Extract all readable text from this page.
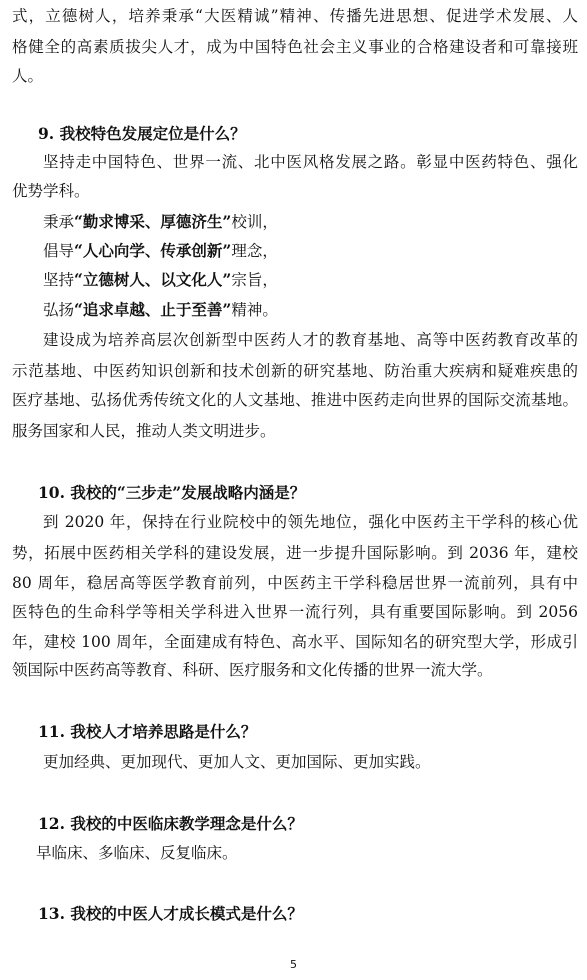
式，立德树人，培养秉承“大医精诚”精神、传播先进思想、促进学术发展、人
格健全的高素质拔尖人才，成为中国特色社会主义事业的合格建设者和可靠接班
人。
9. 我校特色发展定位是什么？
坚持走中国特色、世界一流、北中医风格发展之路。彰显中医药特色、强化
优势学科。
秉承“勤求博采、厚德济生”校训，
倡导“人心向学、传承创新”理念，
坚持“立德树人、以文化人”宗旨，
弘扬“追求卓越、止于至善”精神。
建设成为培养高层次创新型中医药人才的教育基地、高等中医药教育改革的
示范基地、中医药知识创新和技术创新的研究基地、防治重大疾病和疑难疾患的
医疗基地、弘扬优秀传统文化的人文基地、推进中医药走向世界的国际交流基地。
服务国家和人民，推动人类文明进步。
10. 我校的“三步走”发展战略内涵是？
到 2020 年，保持在行业院校中的领先地位，强化中医药主干学科的核心优
势，拓展中医药相关学科的建设发展，进一步提升国际影响。到 2036 年，建校
80 周年，稳居高等医学教育前列，中医药主干学科稳居世界一流前列，具有中
医特色的生命科学等相关学科进入世界一流行列，具有重要国际影响。到 2056
年，建校 100 周年，全面建成有特色、高水平、国际知名的研究型大学，形成引
领国际中医药高等教育、科研、医疗服务和文化传播的世界一流大学。
11. 我校人才培养思路是什么？
更加经典、更加现代、更加人文、更加国际、更加实践。
12. 我校的中医临床教学理念是什么？
早临床、多临床、反复临床。
13. 我校的中医人才成长模式是什么？
5
